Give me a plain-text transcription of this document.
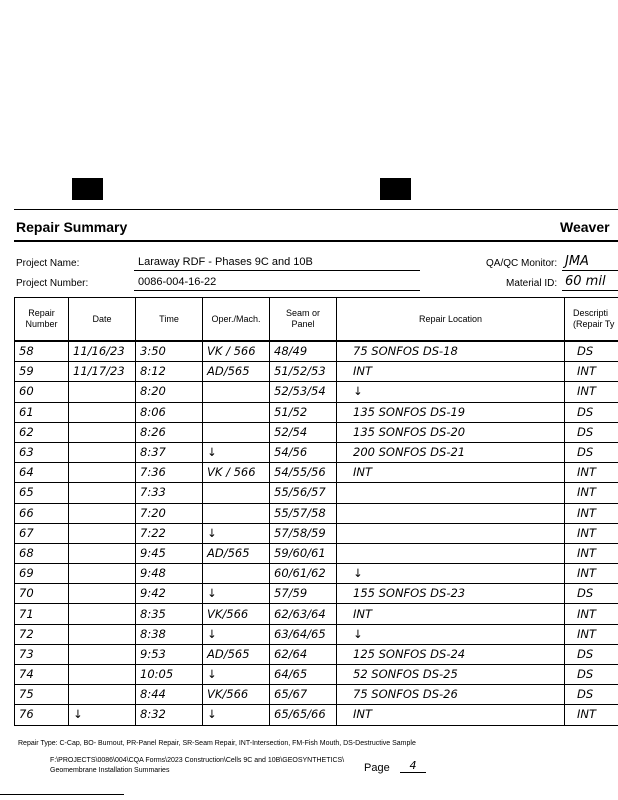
Repair Summary	Weaver
Project Name:	Laraway RDF - Phases 9C and 10B	QA/QC Monitor: JMA
Project Number:	0086-004-16-22	Material ID: 60 mil
Repair Number	Date	Time	Oper./Mach.	Seam or Panel	Repair Location	Descripti (Repair Ty
58	11/16/23	3:50	VK / 566	48/49	75 SONFOS DS-18	DS
59	11/17/23	8:12	AD/565	51/52/53	INT	INT
60		8:20		52/53/54	↓	INT
61		8:06		51/52	135 SONFOS DS-19	DS
62		8:26		52/54	135 SONFOS DS-20	DS
63		8:37	↓	54/56	200 SONFOS DS-21	DS
64		7:36	VK / 566	54/55/56	INT	INT
65		7:33		55/56/57		INT
66		7:20		55/57/58		INT
67		7:22	↓	57/58/59		INT
68		9:45	AD/565	59/60/61		INT
69		9:48		60/61/62	↓	INT
70		9:42	↓	57/59	155 SONFOS DS-23	DS
71		8:35	VK/566	62/63/64	INT	INT
72		8:38	↓	63/64/65	↓	INT
73		9:53	AD/565	62/64	125 SONFOS DS-24	DS
74		10:05	↓	64/65	52 SONFOS DS-25	DS
75		8:44	VK/566	65/67	75 SONFOS DS-26	DS
76	↓	8:32	↓	65/65/66	INT	INT
Repair Type: C-Cap, BO- Burnout, PR-Panel Repair, SR-Seam Repair, INT-Intersection, FM-Fish Mouth, DS-Destructive Sample
F:\PROJECTS\0086\004\CQA Forms\2023 Construction\Cells 9C and 10B\GEOSYNTHETICS\
Geomembrane Installation Summaries	Page	4
